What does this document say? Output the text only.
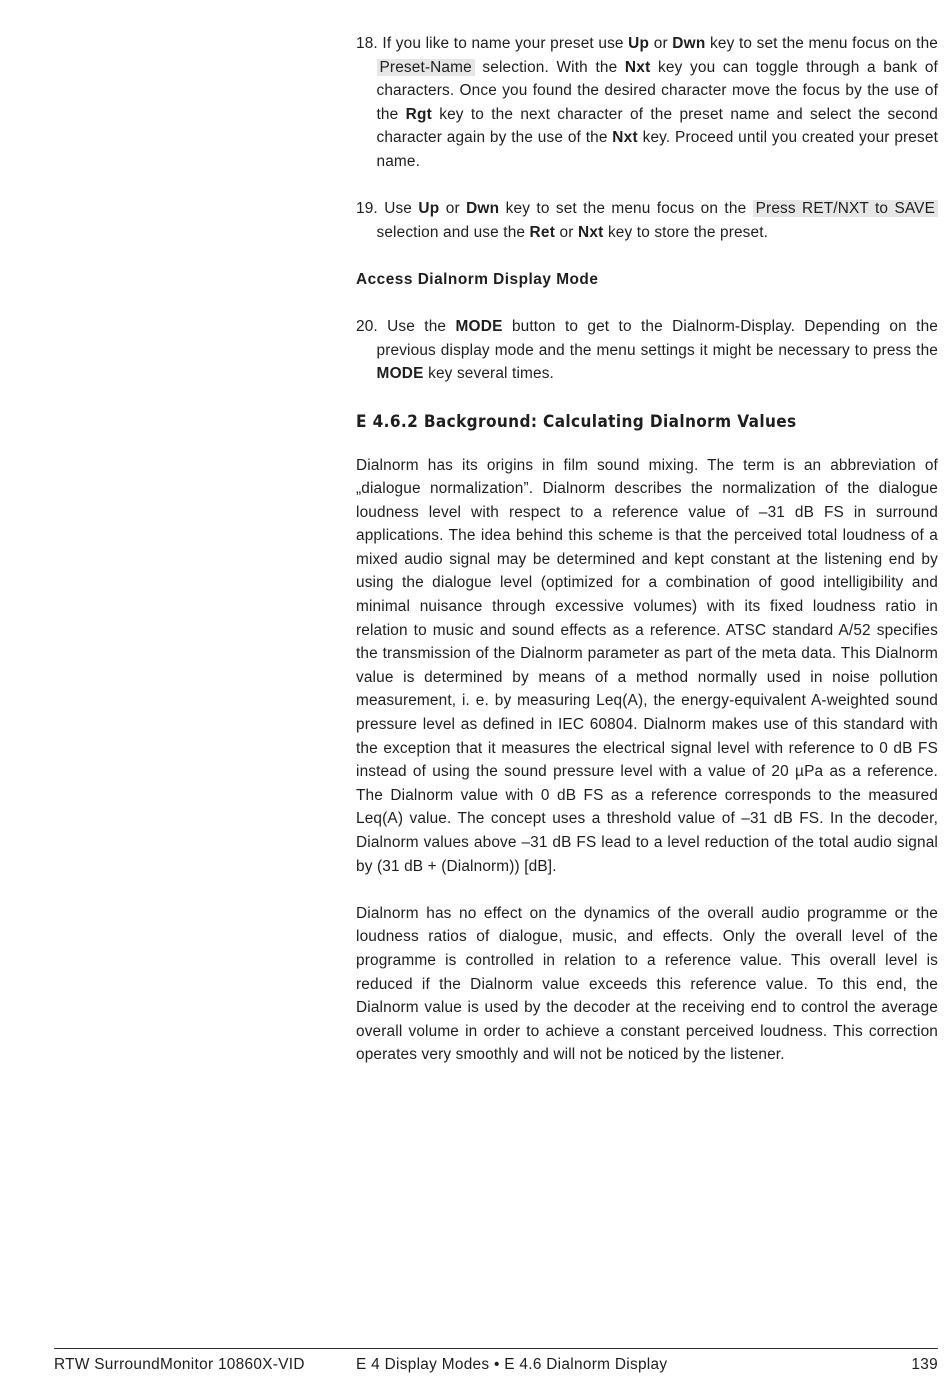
18. If you like to name your preset use Up or Dwn key to set the menu focus on the Preset-Name selection. With the Nxt key you can toggle through a bank of characters. Once you found the desired character move the focus by the use of the Rgt key to the next character of the preset name and select the second character again by the use of the Nxt key. Proceed until you created your preset name.

19. Use Up or Dwn key to set the menu focus on the Press RET/NXT to SAVE selection and use the Ret or Nxt key to store the preset.

Access Dialnorm Display Mode

20. Use the MODE button to get to the Dialnorm-Display. Depending on the previous display mode and the menu settings it might be necessary to press the MODE key several times.

E 4.6.2 Background: Calculating Dialnorm Values

Dialnorm has its origins in film sound mixing. The term is an abbreviation of „dialogue normalization”. Dialnorm describes the normalization of the dialogue loudness level with respect to a reference value of –31 dB FS in surround applications. The idea behind this scheme is that the perceived total loudness of a mixed audio signal may be determined and kept constant at the listening end by using the dialogue level (optimized for a combination of good intelligibility and minimal nuisance through excessive volumes) with its fixed loudness ratio in relation to music and sound effects as a reference. ATSC standard A/52 specifies the transmission of the Dialnorm parameter as part of the meta data. This Dialnorm value is determined by means of a method normally used in noise pollution measurement, i. e. by measuring Leq(A), the energy-equivalent A-weighted sound pressure level as defined in IEC 60804. Dialnorm makes use of this standard with the exception that it measures the electrical signal level with reference to 0 dB FS instead of using the sound pressure level with a value of 20 µPa as a reference. The Dialnorm value with 0 dB FS as a reference corresponds to the measured Leq(A) value. The concept uses a threshold value of –31 dB FS. In the decoder, Dialnorm values above –31 dB FS lead to a level reduction of the total audio signal by (31 dB + (Dialnorm)) [dB].

Dialnorm has no effect on the dynamics of the overall audio programme or the loudness ratios of dialogue, music, and effects. Only the overall level of the programme is controlled in relation to a reference value. This overall level is reduced if the Dialnorm value exceeds this reference value. To this end, the Dialnorm value is used by the decoder at the receiving end to control the average overall volume in order to achieve a constant perceived loudness. This correction operates very smoothly and will not be noticed by the listener.

RTW SurroundMonitor 10860X-VID	E 4 Display Modes • E 4.6 Dialnorm Display	139
